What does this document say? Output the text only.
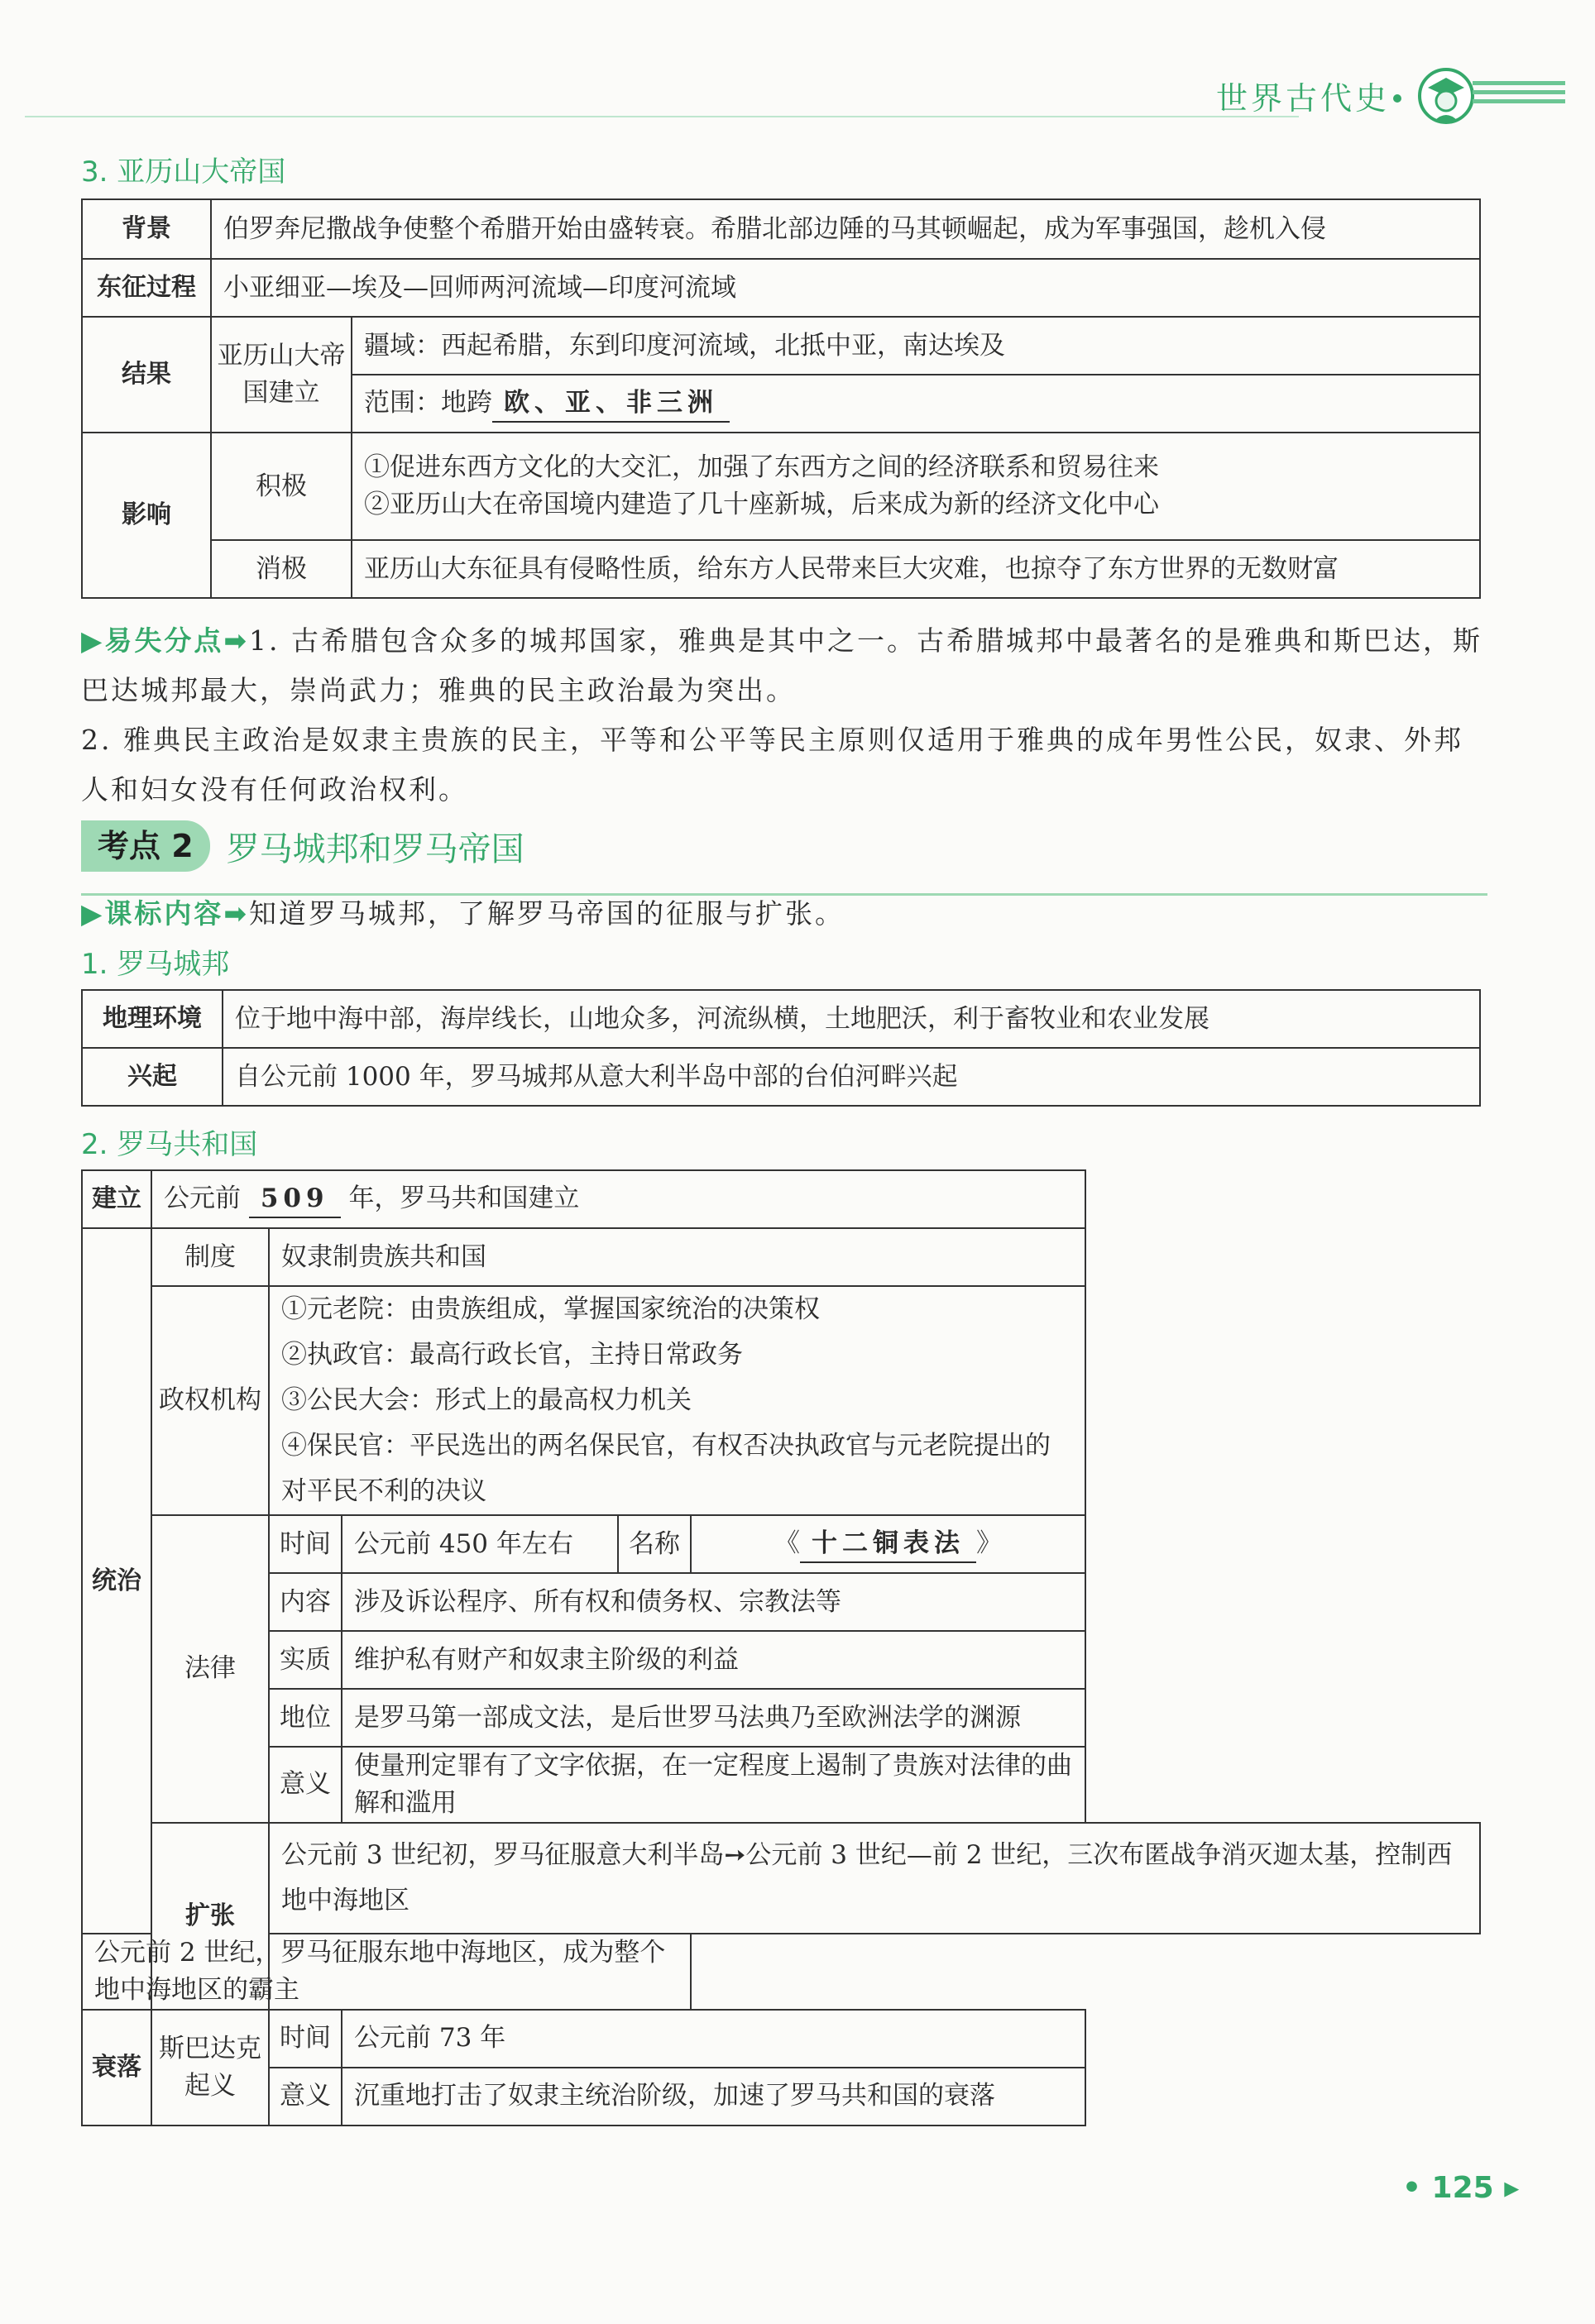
世界古代史
3. 亚历山大帝国
背景	伯罗奔尼撒战争使整个希腊开始由盛转衰。希腊北部边陲的马其顿崛起，成为军事强国，趁机入侵	
东征过程	小亚细亚—埃及—回师两河流域—印度河流域	
结果	亚历山大帝国建立	疆域：西起希腊，东到印度河流域，北抵中亚，南达埃及
		范围：地跨 欧、亚、非三洲
影响	积极	①促进东西方文化的大交汇，加强了东西方之间的经济联系和贸易往来
②亚历山大在帝国境内建造了几十座新城，后来成为新的经济文化中心

	消极	亚历山大东征具有侵略性质，给东方人民带来巨大灾难，也掠夺了东方世界的无数财富
▶易失分点➡1. 古希腊包含众多的城邦国家，雅典是其中之一。古希腊城邦中最著名的是雅典和斯巴达，斯巴达城邦最大，崇尚武力；雅典的民主政治最为突出。
2. 雅典民主政治是奴隶主贵族的民主，平等和公平等民主原则仅适用于雅典的成年男性公民，奴隶、外邦人和妇女没有任何政治权利。
考点 2	罗马城邦和罗马帝国
▶课标内容➡知道罗马城邦，了解罗马帝国的征服与扩张。
1. 罗马城邦
地理环境	位于地中海中部，海岸线长，山地众多，河流纵横，土地肥沃，利于畜牧业和农业发展
兴起	自公元前 1000 年，罗马城邦从意大利半岛中部的台伯河畔兴起
2. 罗马共和国
建立	公元前 509 年，罗马共和国建立				
统治	制度	奴隶制贵族共和国			
	政权机构	①元老院：由贵族组成，掌握国家统治的决策权
②执政官：最高行政长官，主持日常政务
③公民大会：形式上的最高权力机关
④保民官：平民选出的两名保民官，有权否决执政官与元老院提出的对平民不利的决议			

	法律	时间	公元前 450 年左右	名称	《 十二铜表法 》
		内容	涉及诉讼程序、所有权和债务权、宗教法等		
		实质	维护私有财产和奴隶主阶级的利益		
		地位	是罗马第一部成文法，是后世罗马法典乃至欧洲法学的渊源		
		意义	使量刑定罪有了文字依据，在一定程度上遏制了贵族对法律的曲解和滥用		
	扩张	公元前 3 世纪初，罗马征服意大利半岛➙公元前 3 世纪—前 2 世纪，三次布匿战争消灭迦太基，控制西地中海地区			
公元前 2 世纪，罗马征服东地中海地区，成为整个地中海地区的霸主					
衰落	斯巴达克起义	时间	公元前 73 年		
		意义	沉重地打击了奴隶主统治阶级，加速了罗马共和国的衰落		
• 125 ▸
